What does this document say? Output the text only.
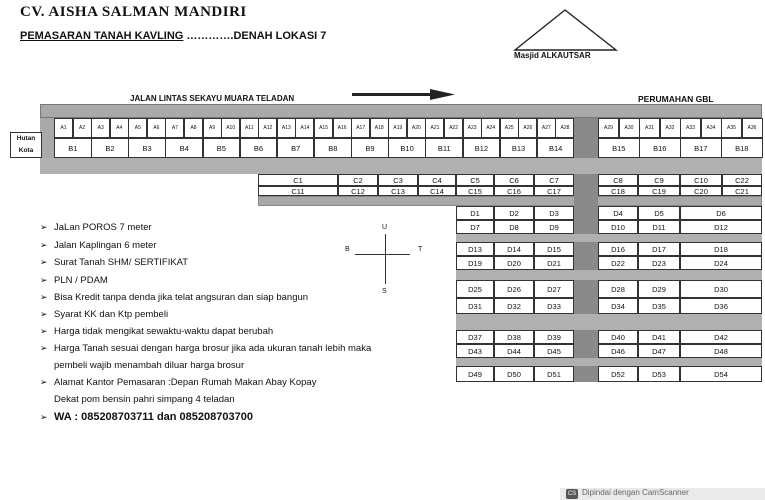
CV. AISHA SALMAN MANDIRI
PEMASARAN TANAH KAVLING ………….DENAH LOKASI 7
Masjid ALKAUTSAR
JALAN LINTAS SEKAYU MUARA TELADAN	PERUMAHAN GBL
Hutan
Kota
A1	A2	A3	A4	A5	A6	A7	A8	A9	A10	A11	A12	A13	A14	A15	A16	A17	A18	A19	A20	A21	A22	A23	A24	A25	A26	A27	A28	A29	A30	A31	A32	A33	A34	A35	A36
B1	B2	B3	B4	B5	B6	B7	B8	B9	B10	B11	B12	B13	B14	B15	B16	B17	B18
C1	C2	C3	C4	C5	C6	C7	C8	C9	C10	C22
C11	C12	C13	C14	C15	C16	C17	C18	C19	C20	C21
D1	D2	D3	D4	D5	D6
D7	D8	D9	D10	D11	D12
D13	D14	D15	D16	D17	D18
D19	D20	D21	D22	D23	D24
D25	D26	D27	D28	D29	D30
D31	D32	D33	D34	D35	D36
D37	D38	D39	D40	D41	D42
D43	D44	D45	D46	D47	D48
D49	D50	D51	D52	D53	D54
➢ JaLan POROS 7 meter
➢ Jalan Kaplingan 6 meter
➢ Surat Tanah SHM/ SERTIFIKAT
➢ PLN / PDAM
➢ Bisa Kredit tanpa denda jika telat angsuran dan siap bangun
➢ Syarat KK dan Ktp pembeli
➢ Harga tidak mengikat sewaktu-waktu dapat berubah
➢ Harga Tanah sesuai dengan harga brosur jika ada ukuran tanah lebih maka
pembeli wajib menambah diluar harga brosur
➢ Alamat Kantor Pemasaran :Depan Rumah Makan Abay Kopay
Dekat pom bensin pahri simpang 4 teladan
➢ WA : 085208703711 dan 085208703700
U
S
B	T
CS Dipindai dengan CamScanner
